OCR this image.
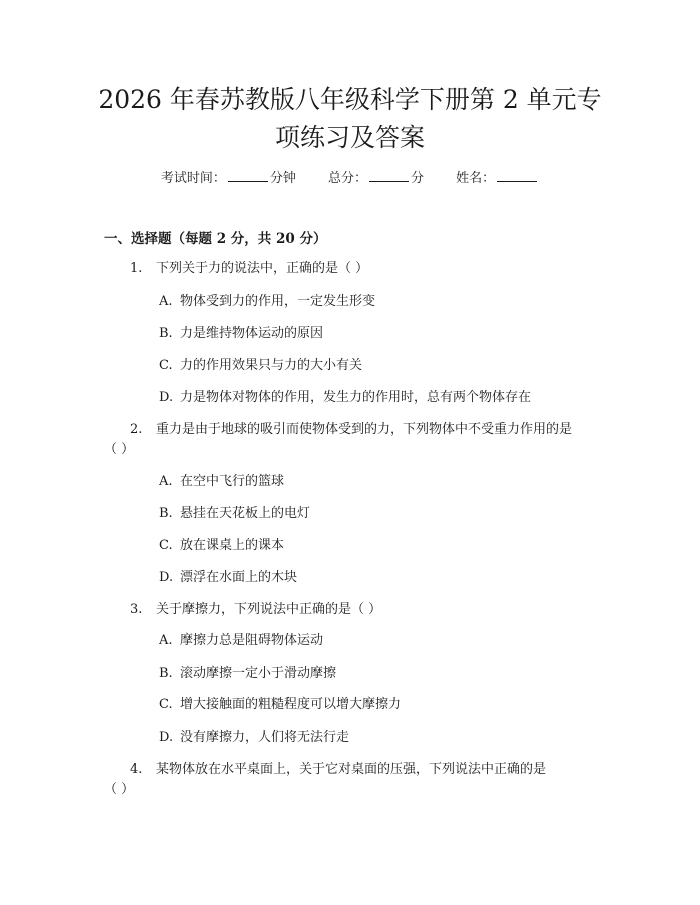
2026 年春苏教版八年级科学下册第 2 单元专
项练习及答案
考试时间：	分钟 总分：	分 姓名：
一、选择题（每题 2 分，共 20 分）
1.	下列关于力的说法中，正确的是（ ）
A. 物体受到力的作用，一定发生形变
B. 力是维持物体运动的原因
C. 力的作用效果只与力的大小有关
D. 力是物体对物体的作用，发生力的作用时，总有两个物体存在
2.	重力是由于地球的吸引而使物体受到的力，下列物体中不受重力作用的是
（ ）
A. 在空中飞行的篮球
B. 悬挂在天花板上的电灯
C. 放在课桌上的课本
D. 漂浮在水面上的木块
3.	关于摩擦力，下列说法中正确的是（ ）
A. 摩擦力总是阻碍物体运动
B. 滚动摩擦一定小于滑动摩擦
C. 增大接触面的粗糙程度可以增大摩擦力
D. 没有摩擦力，人们将无法行走
4.	某物体放在水平桌面上，关于它对桌面的压强，下列说法中正确的是
（ ）
